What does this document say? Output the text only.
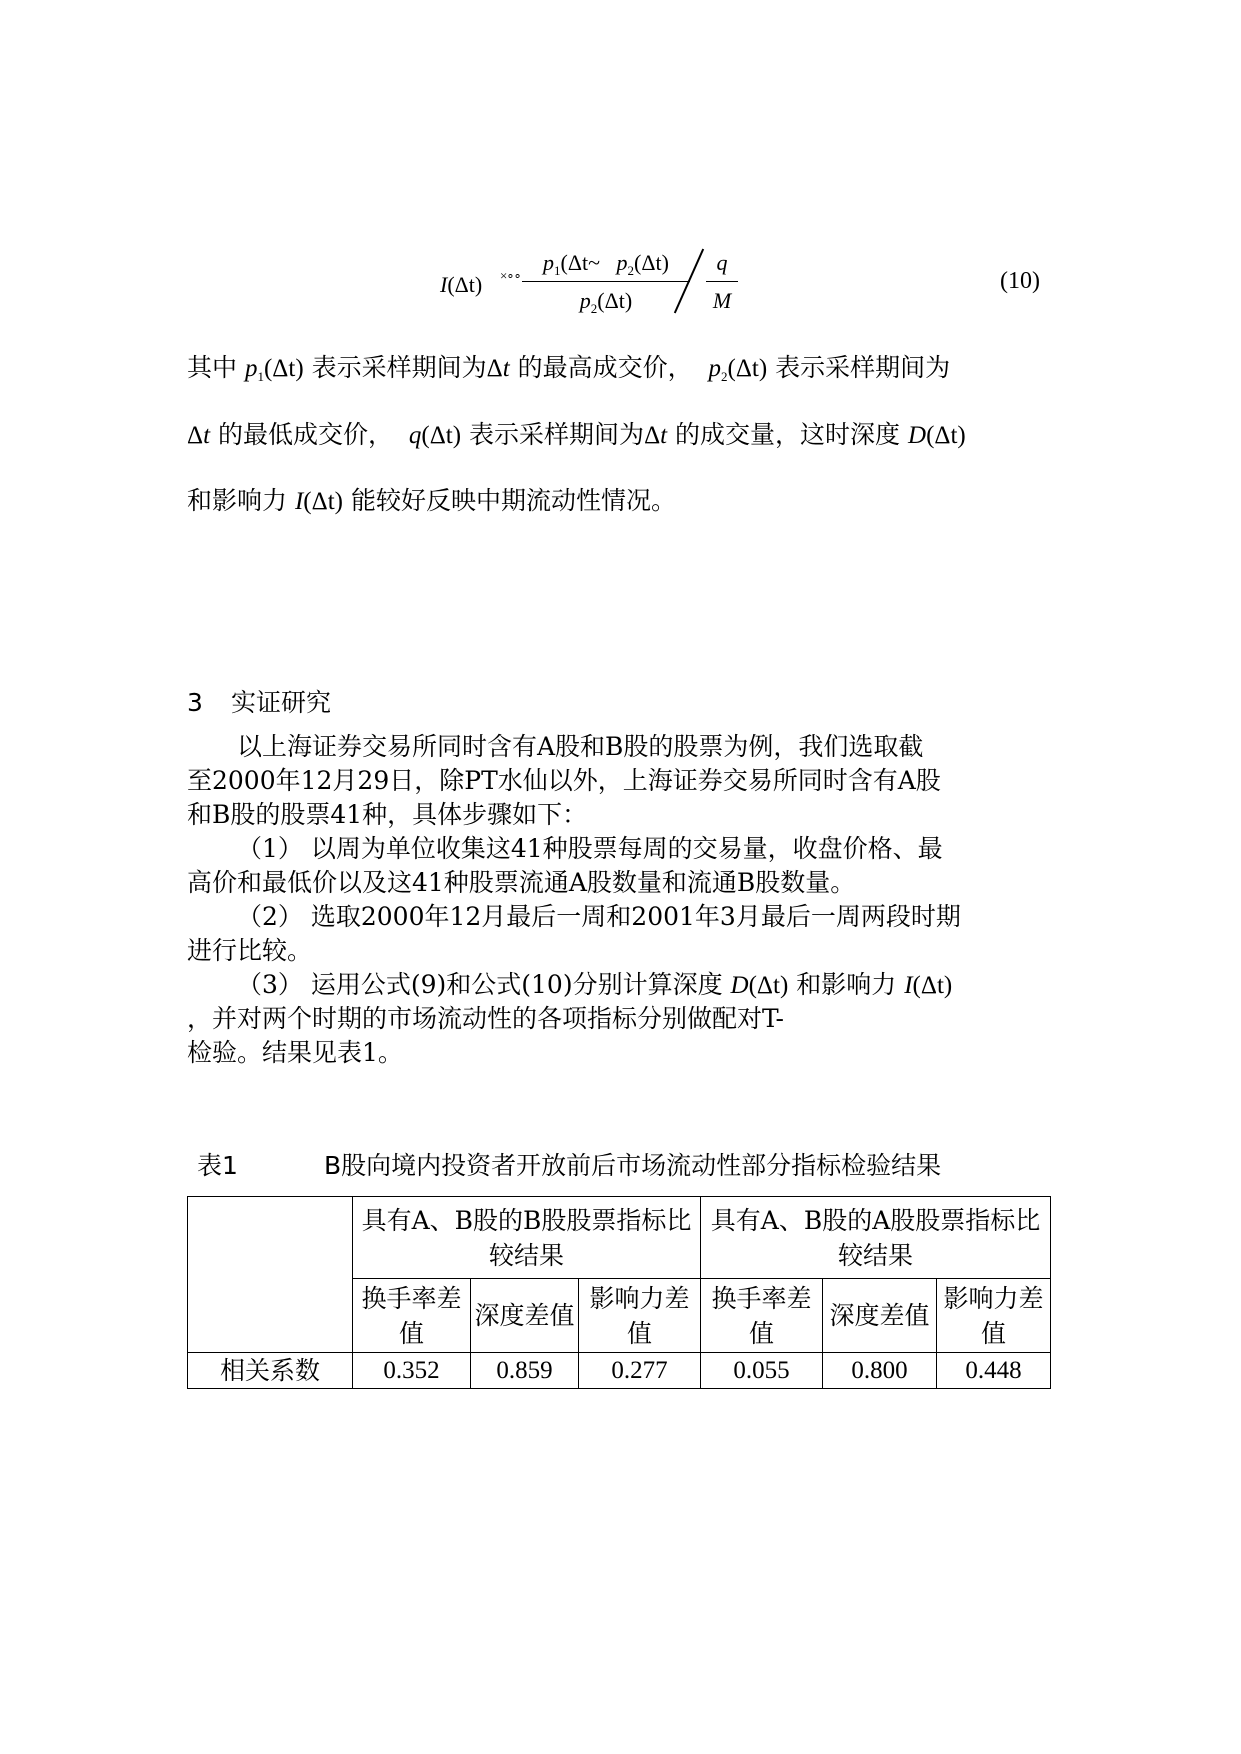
I(Δt) ×∘∘
$p_1(\Delta t\sim$ $p_2(\Delta t)$
$p_2(\Delta t)$
q
M
(10)
其中 $p_1(\Delta t)$ 表示采样期间为Δt 的最高成交价， $p_2(\Delta t)$ 表示采样期间为
Δt 的最低成交价， q(Δt) 表示采样期间为Δt 的成交量，这时深度 D(Δt)
和影响力 I(Δt) 能较好反映中期流动性情况。
3 实证研究
以上海证券交易所同时含有A股和B股的股票为例，我们选取截
至2000年12月29日，除PT水仙以外，上海证券交易所同时含有A股
和B股的股票41种，具体步骤如下：
（1） 以周为单位收集这41种股票每周的交易量，收盘价格、最
高价和最低价以及这41种股票流通A股数量和流通B股数量。
（2） 选取2000年12月最后一周和2001年3月最后一周两段时期
进行比较。
（3） 运用公式(9)和公式(10)分别计算深度 D(Δt) 和影响力 I(Δt)
，并对两个时期的市场流动性的各项指标分别做配对T-
检验。结果见表1。
表1	B股向境内投资者开放前后市场流动性部分指标检验结果
	具有A、B股的B股股票指标比较结果			具有A、B股的A股股票指标比较结果		
	换手率差值	深度差值	影响力差值	换手率差值	深度差值	影响力差值
相关系数	0.352	0.859	0.277	0.055	0.800	0.448
